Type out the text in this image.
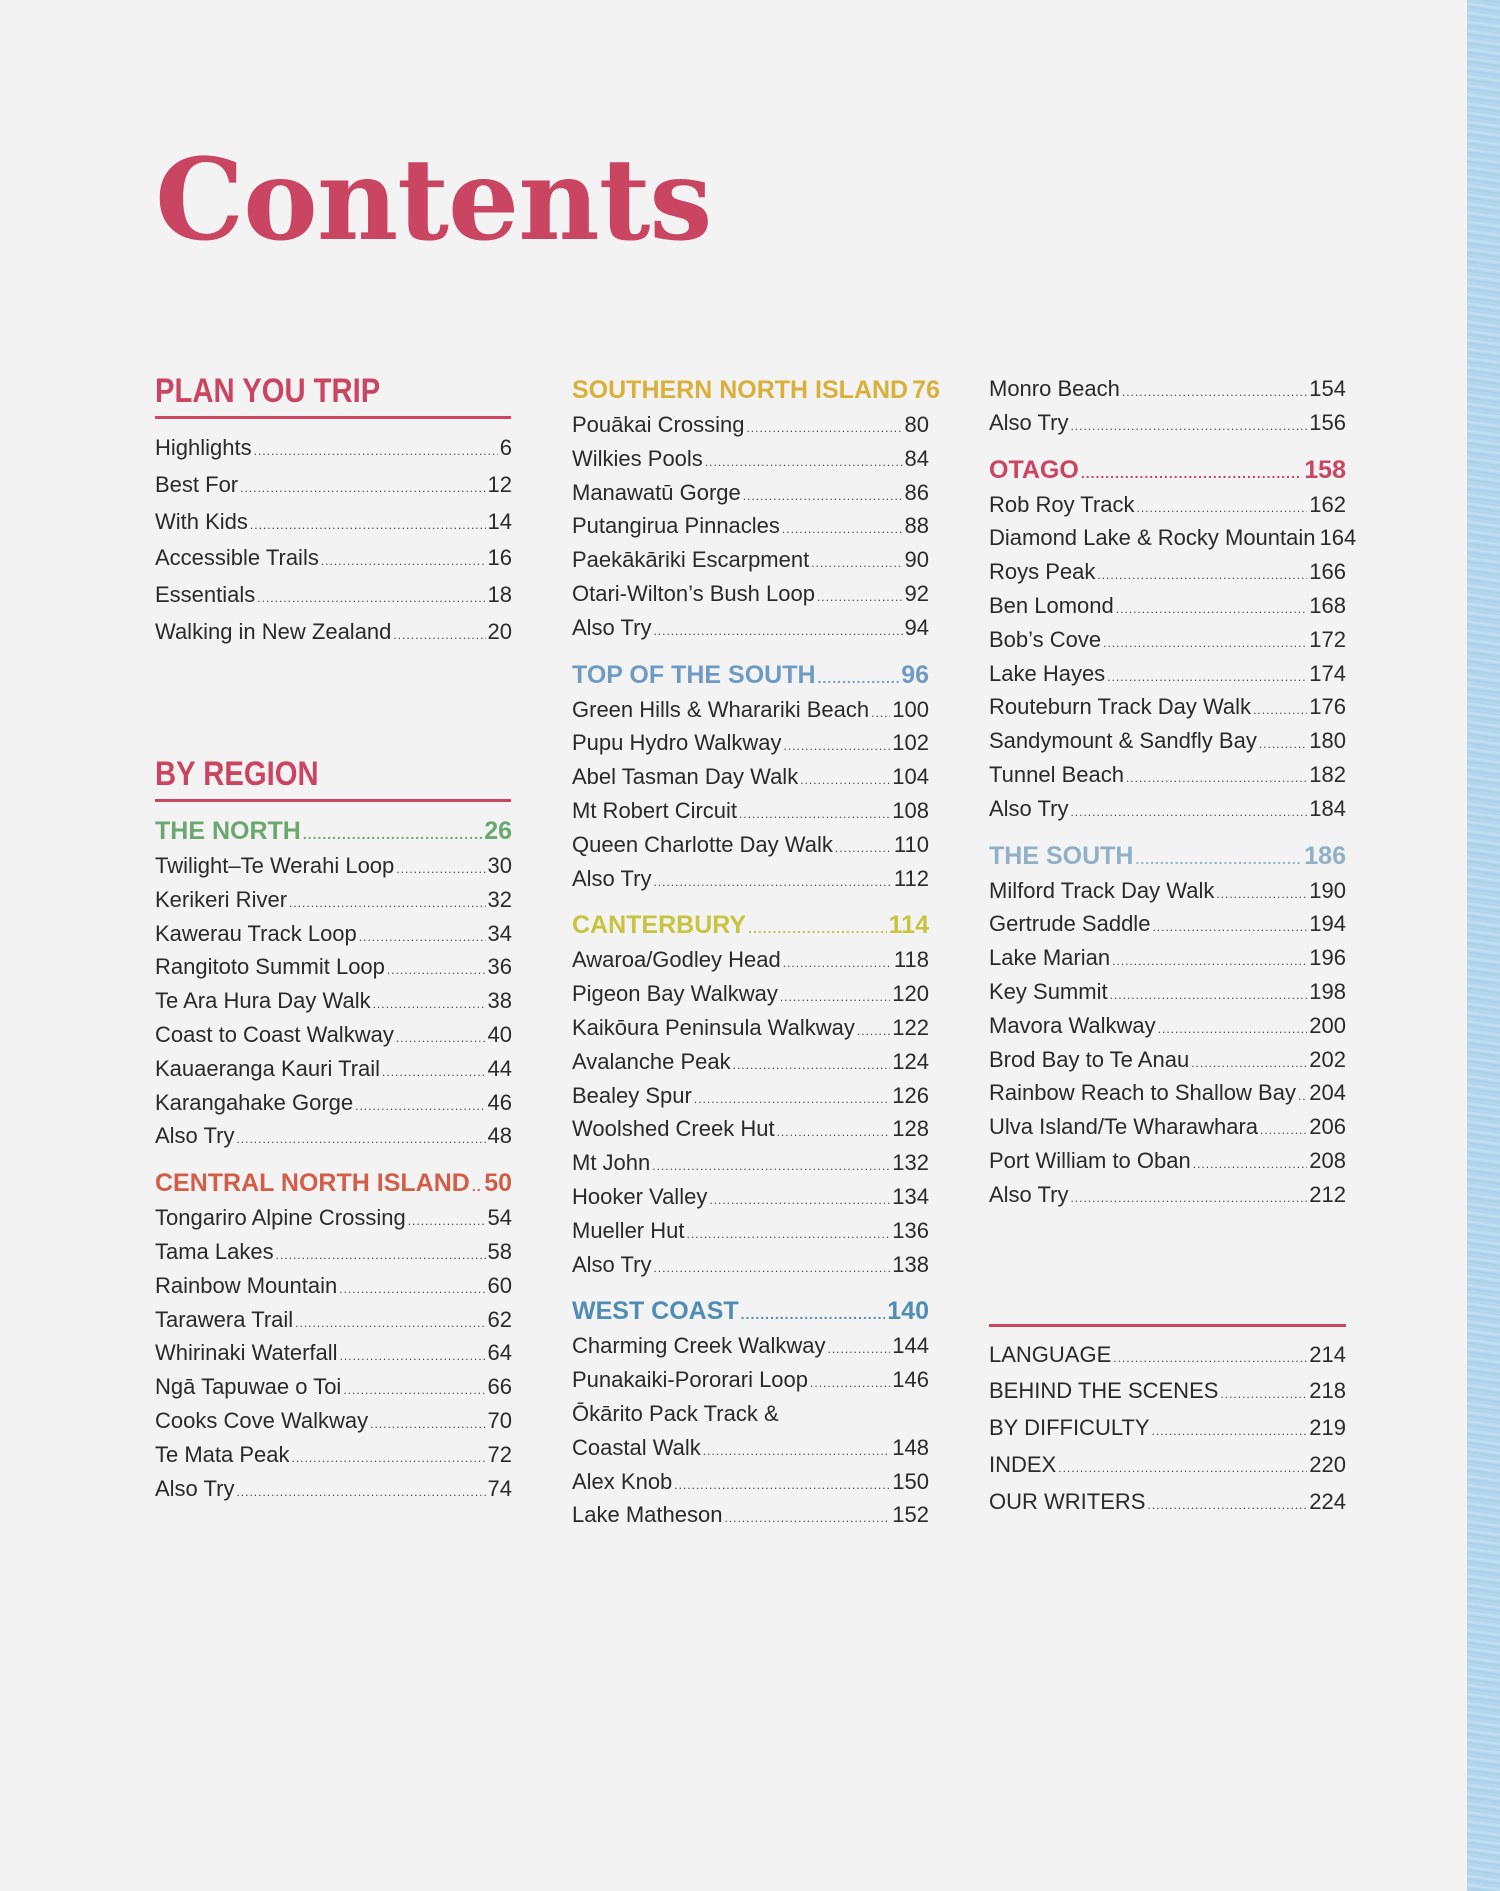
Contents
PLAN YOU TRIP
Highlights .....	6
Best For .....	12
With Kids .....	14
Accessible Trails .....	16
Essentials .....	18
Walking in New Zealand .....	20
BY REGION
THE NORTH .....	26
Twilight–Te Werahi Loop .....	30
Kerikeri River .....	32
Kawerau Track Loop .....	34
Rangitoto Summit Loop .....	36
Te Ara Hura Day Walk .....	38
Coast to Coast Walkway .....	40
Kauaeranga Kauri Trail .....	44
Karangahake Gorge .....	46
Also Try .....	48
CENTRAL NORTH ISLAND ..... 50
Tongariro Alpine Crossing .....	54
Tama Lakes .....	58
Rainbow Mountain .....	60
Tarawera Trail .....	62
Whirinaki Waterfall .....	64
Ngā Tapuwae o Toi .....	66
Cooks Cove Walkway .....	70
Te Mata Peak .....	72
Also Try .....	74
SOUTHERN NORTH ISLAND 76
Pouākai Crossing .....	80
Wilkies Pools .....	84
Manawatū Gorge .....	86
Putangirua Pinnacles .....	88
Paekākāriki Escarpment .....	90
Otari-Wilton’s Bush Loop .....	92
Also Try .....	94
TOP OF THE SOUTH .....	96
Green Hills & Wharariki Beach ..... 100
Pupu Hydro Walkway .....	102
Abel Tasman Day Walk .....	104
Mt Robert Circuit .....	108
Queen Charlotte Day Walk .....	110
Also Try .....	112
CANTERBURY .....	114
Awaroa/Godley Head .....	118
Pigeon Bay Walkway .....	120
Kaikōura Peninsula Walkway ..... 122
Avalanche Peak .....	124
Bealey Spur .....	126
Woolshed Creek Hut .....	128
Mt John .....	132
Hooker Valley .....	134
Mueller Hut .....	136
Also Try .....	138
WEST COAST .....	140
Charming Creek Walkway .....	144
Punakaiki-Pororari Loop .....	146
Ōkārito Pack Track &
Coastal Walk .....	148
Alex Knob .....	150
Lake Matheson .....	152
Monro Beach .....	154
Also Try .....	156
OTAGO .....	158
Rob Roy Track .....	162
Diamond Lake & Rocky Mountain 164
Roys Peak .....	166
Ben Lomond .....	168
Bob’s Cove .....	172
Lake Hayes .....	174
Routeburn Track Day Walk .....	176
Sandymount & Sandfly Bay ..... 180
Tunnel Beach .....	182
Also Try .....	184
THE SOUTH .....	186
Milford Track Day Walk .....	190
Gertrude Saddle .....	194
Lake Marian .....	196
Key Summit .....	198
Mavora Walkway .....	200
Brod Bay to Te Anau .....	202
Rainbow Reach to Shallow Bay ..... 204
Ulva Island/Te Wharawhara ..... 206
Port William to Oban .....	208
Also Try .....	212
LANGUAGE .....	214
BEHIND THE SCENES .....	218
BY DIFFICULTY .....	219
INDEX .....	220
OUR WRITERS .....	224
